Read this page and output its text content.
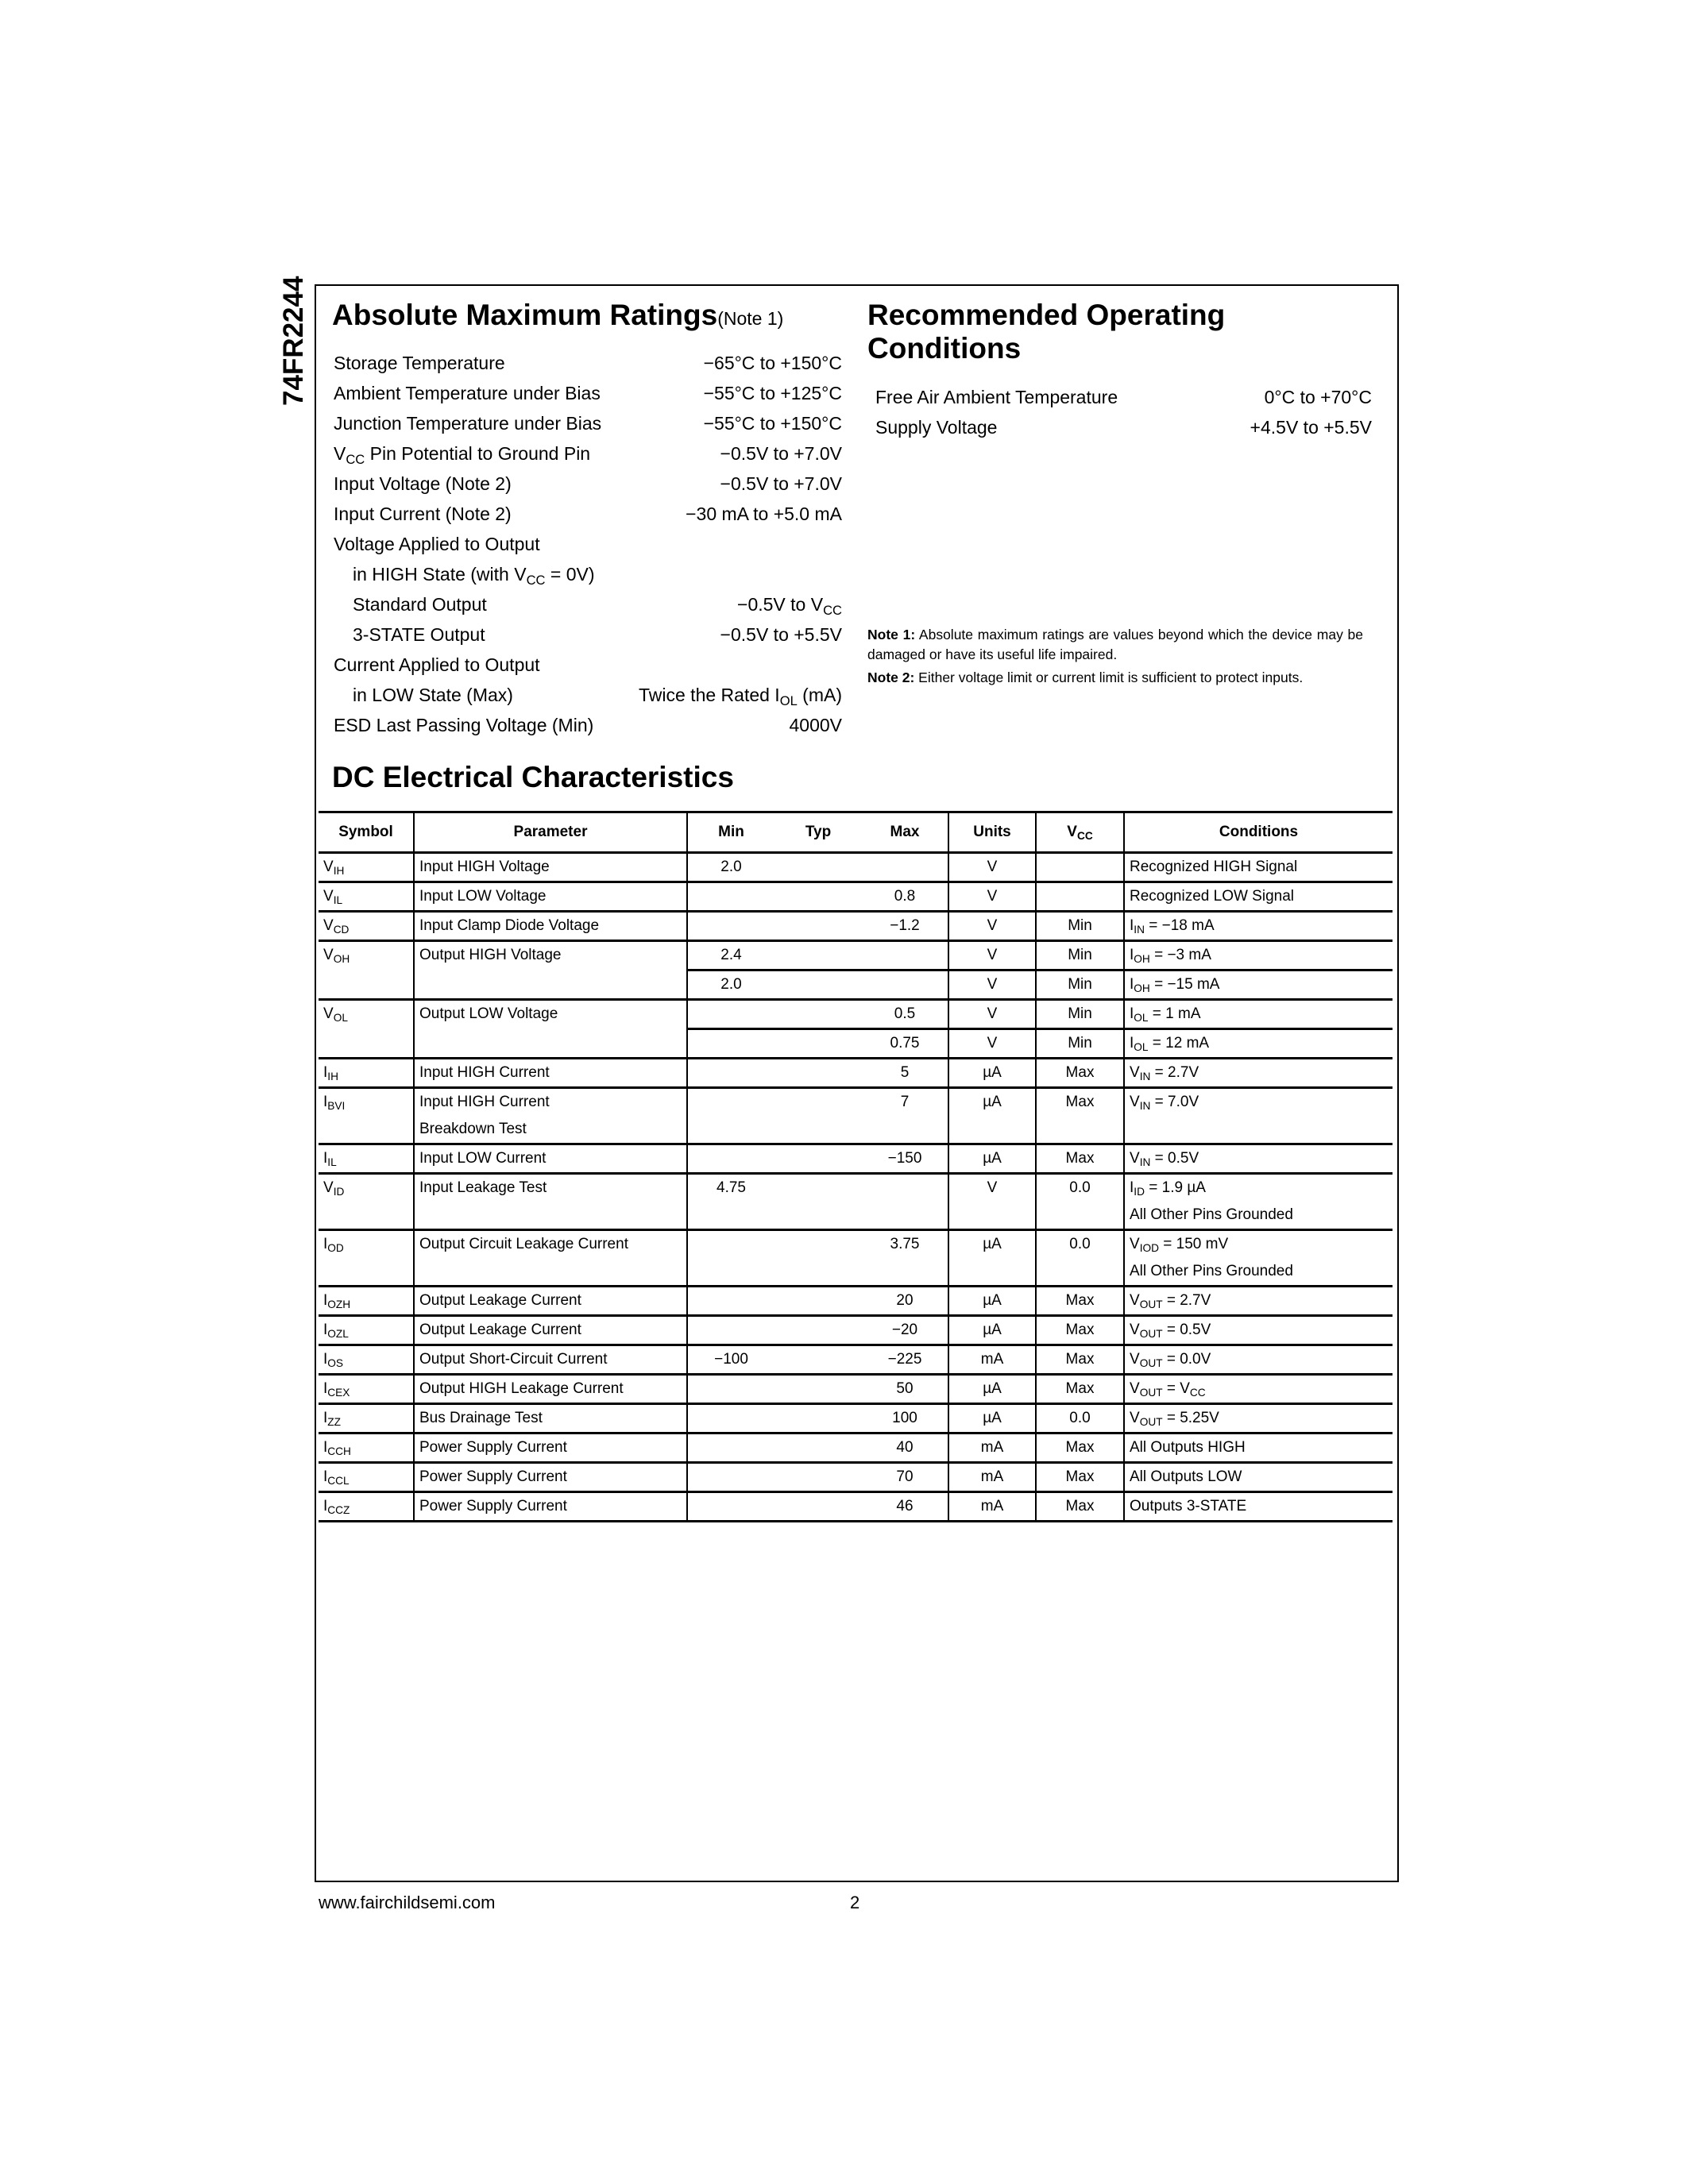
74FR2244 Absolute Maximum Ratings(Note 1)
Storage Temperature	−65°C to +150°C
Ambient Temperature under Bias	−55°C to +125°C
Junction Temperature under Bias	−55°C to +150°C
$V_{CC}$ Pin Potential to Ground Pin	−0.5V to +7.0V
Input Voltage (Note 2)	−0.5V to +7.0V
Input Current (Note 2)	−30 mA to +5.0 mA
Voltage Applied to Output
in HIGH State (with $V_{CC} = 0V$)
Standard Output	−0.5V to $V_{CC}$
3-STATE Output	−0.5V to +5.5V
Current Applied to Output
in LOW State (Max)	Twice the Rated $I_{OL}$ (mA)
ESD Last Passing Voltage (Min)	4000V
Recommended Operating
Conditions
Free Air Ambient Temperature	0°C to +70°C
Supply Voltage	+4.5V to +5.5V

Note 1: Absolute maximum ratings are values beyond which the device may be damaged or have its useful life impaired.

Note 2: Either voltage limit or current limit is sufficient to protect inputs.

DC Electrical Characteristics
Symbol	Parameter	Min	Typ	Max	Units	$V_{CC}$	Conditions
$V_{IH}$	Input HIGH Voltage	2.0			V		Recognized HIGH Signal
$V_{IL}$	Input LOW Voltage			0.8	V		Recognized LOW Signal
$V_{CD}$	Input Clamp Diode Voltage			−1.2	V	Min	$I_{IN} = -18$ mA
$V_{OH}$	Output HIGH Voltage	2.4			V	Min	$I_{OH} = -3$ mA
		2.0			V	Min	$I_{OH} = -15$ mA
$V_{OL}$	Output LOW Voltage			0.5	V	Min	$I_{OL} = 1$ mA
				0.75	V	Min	$I_{OL} = 12$ mA
$I_{IH}$	Input HIGH Current			5	µA	Max	$V_{IN} = 2.7V$
$I_{BVI}$	Input HIGH Current
Breakdown Test			7	µA	Max	$V_{IN} = 7.0V$
$I_{IL}$	Input LOW Current			−150	µA	Max	$V_{IN} = 0.5V$
$V_{ID}$	Input Leakage Test	4.75			V	0.0	$I_{ID} = 1.9$ µA
All Other Pins Grounded
$I_{OD}$	Output Circuit Leakage Current			3.75	µA	0.0	$V_{IOD} = 150$ mV
All Other Pins Grounded
$I_{OZH}$	Output Leakage Current			20	µA	Max	$V_{OUT} = 2.7V$
$I_{OZL}$	Output Leakage Current			−20	µA	Max	$V_{OUT} = 0.5V$
$I_{OS}$	Output Short-Circuit Current	−100		−225	mA	Max	$V_{OUT} = 0.0V$
$I_{CEX}$	Output HIGH Leakage Current			50	µA	Max	$V_{OUT} = V_{CC}$
$I_{ZZ}$	Bus Drainage Test			100	µA	0.0	$V_{OUT} = 5.25V$
$I_{CCH}$	Power Supply Current			40	mA	Max	All Outputs HIGH
$I_{CCL}$	Power Supply Current			70	mA	Max	All Outputs LOW
$I_{CCZ}$	Power Supply Current			46	mA	Max	Outputs 3-STATE
www.fairchildsemi.com	2
